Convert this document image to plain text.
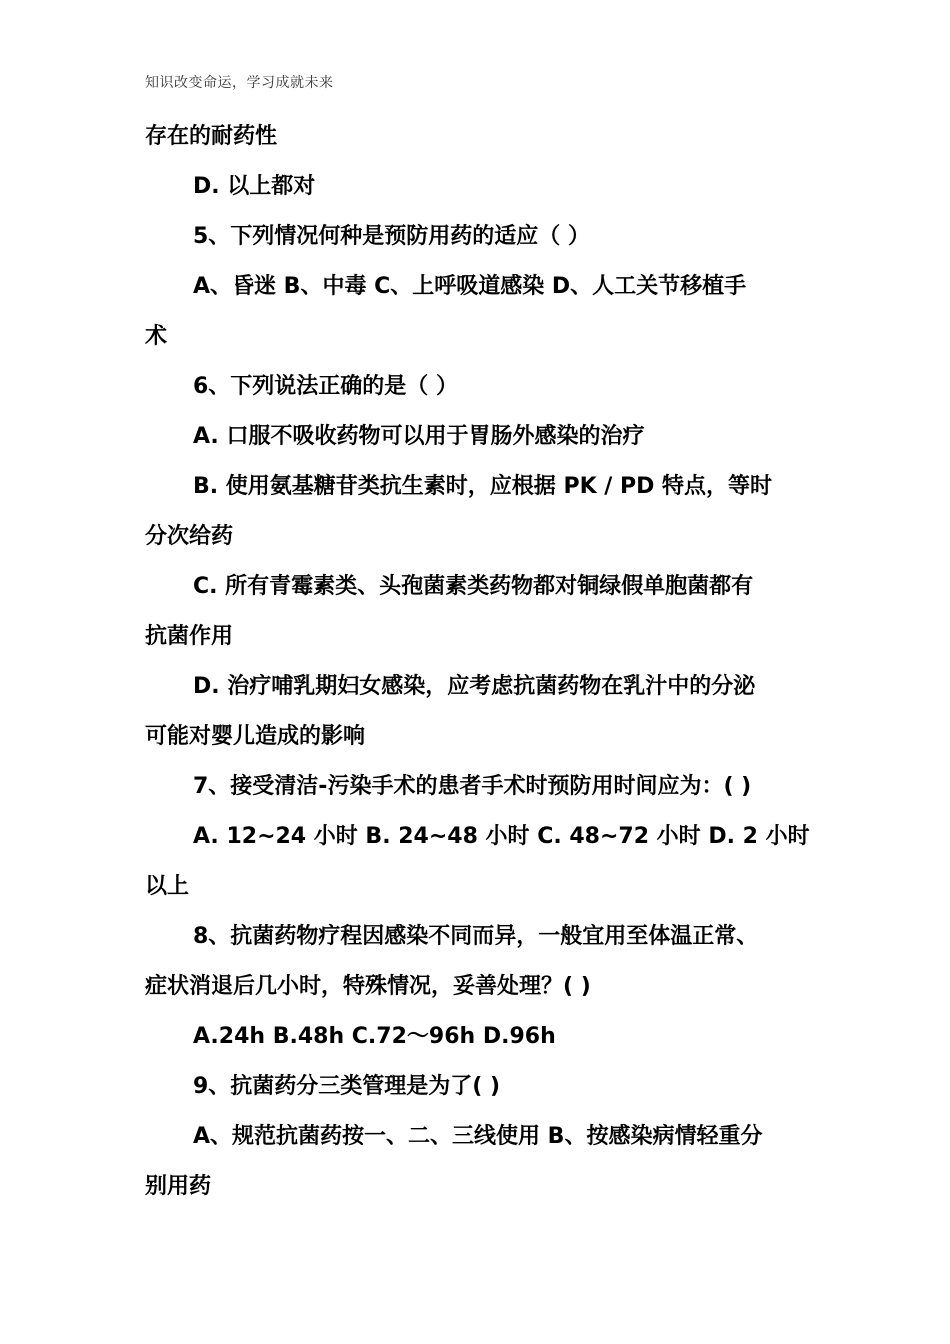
知识改变命运，学习成就未来
存在的耐药性
D. 以上都对
5、下列情况何种是预防用药的适应（ ）
A、昏迷 B、中毒 C、上呼吸道感染 D、人工关节移植手
术
6、下列说法正确的是（ ）
A. 口服不吸收药物可以用于胃肠外感染的治疗
B. 使用氨基糖苷类抗生素时，应根据 PK / PD 特点，等时
分次给药
C. 所有青霉素类、头孢菌素类药物都对铜绿假单胞菌都有
抗菌作用
D. 治疗哺乳期妇女感染，应考虑抗菌药物在乳汁中的分泌
可能对婴儿造成的影响
7、接受清洁-污染手术的患者手术时预防用时间应为：( )
A. 12~24 小时 B. 24~48 小时 C. 48~72 小时 D. 2 小时
以上
8、抗菌药物疗程因感染不同而异，一般宜用至体温正常、
症状消退后几小时，特殊情况，妥善处理？( )
A.24h B.48h C.72～96h D.96h
9、抗菌药分三类管理是为了( )
A、规范抗菌药按一、二、三线使用 B、按感染病情轻重分
别用药
